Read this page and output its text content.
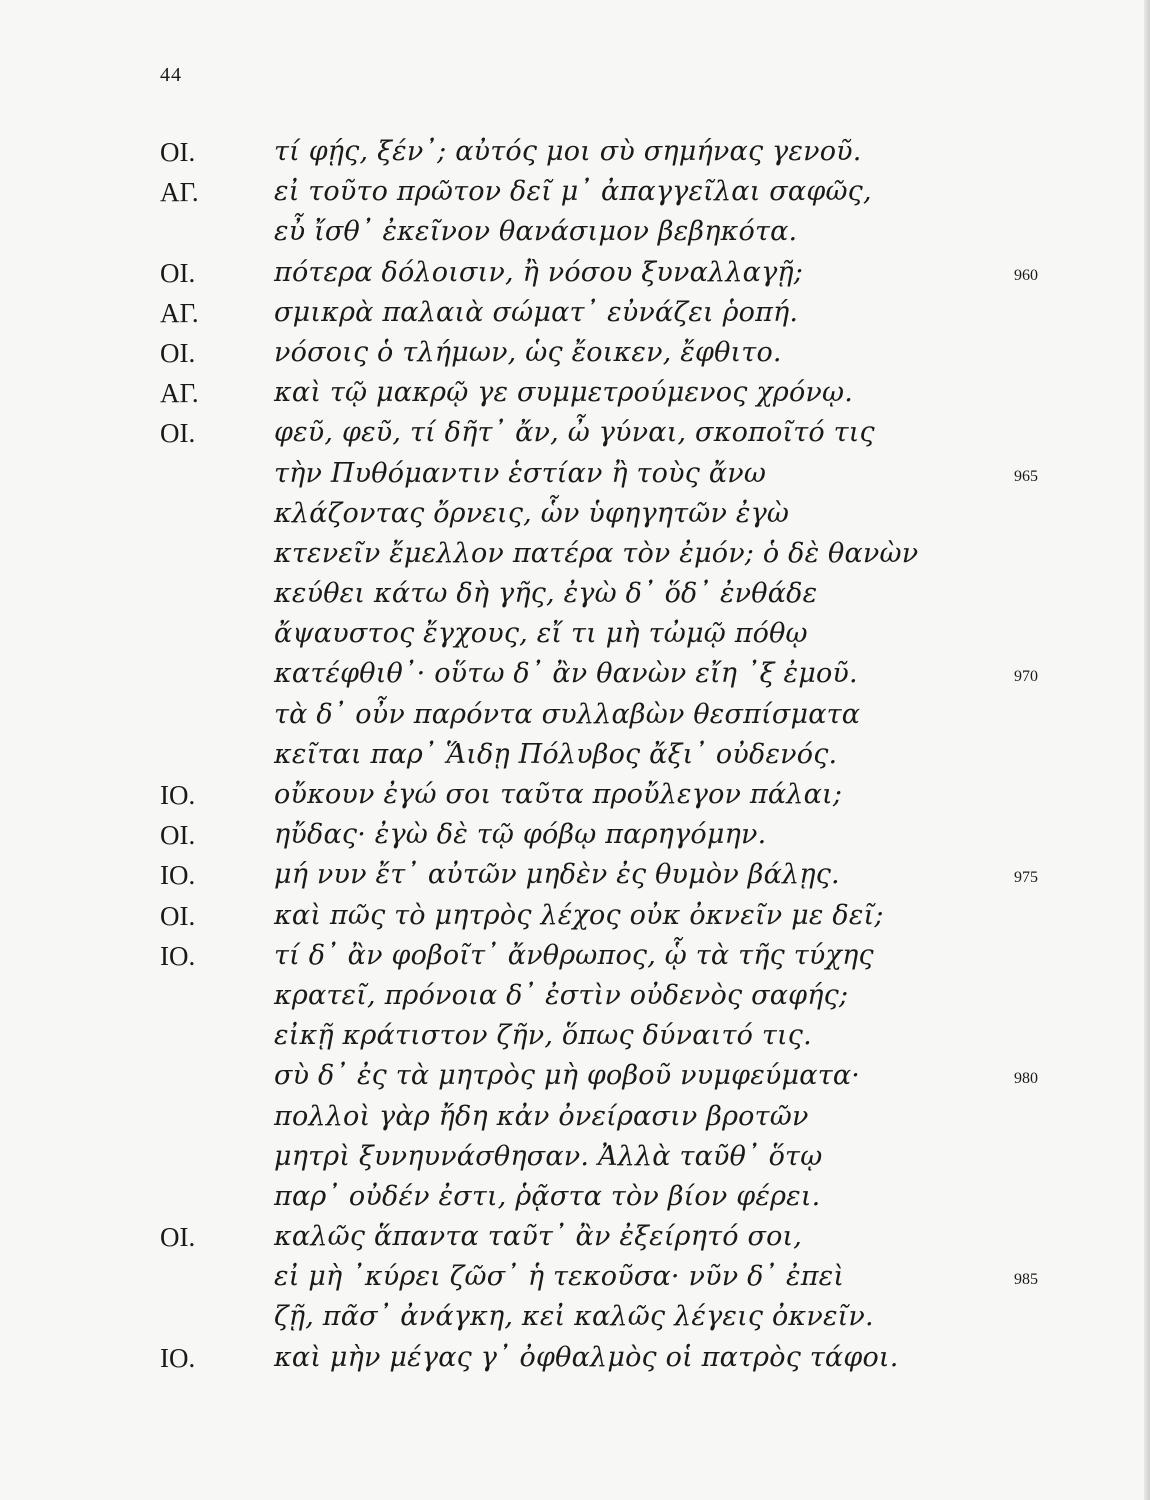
44
ΟΙ.	τί φῄς, ξέν᾽; αὐτός μοι σὺ σημήνας γενοῦ.
ΑΓ.	εἰ τοῦτο πρῶτον δεῖ μ᾽ ἀπαγγεῖλαι σαφῶς,
εὖ ἴσθ᾽ ἐκεῖνον θανάσιμον βεβηκότα.
ΟΙ.	πότερα δόλοισιν, ἢ νόσου ξυναλλαγῇ;	960
ΑΓ.	σμικρὰ παλαιὰ σώματ᾽ εὐνάζει ῥοπή.
ΟΙ.	νόσοις ὁ τλήμων, ὡς ἔοικεν, ἔφθιτο.
ΑΓ.	καὶ τῷ μακρῷ γε συμμετρούμενος χρόνῳ.
ΟΙ.	φεῦ, φεῦ, τί δῆτ᾽ ἄν, ὦ γύναι, σκοποῖτό τις
τὴν Πυθόμαντιν ἑστίαν ἢ τοὺς ἄνω	965
κλάζοντας ὄρνεις, ὧν ὑφηγητῶν ἐγὼ
κτενεῖν ἔμελλον πατέρα τὸν ἐμόν; ὁ δὲ θανὼν
κεύθει κάτω δὴ γῆς, ἐγὼ δ᾽ ὅδ᾽ ἐνθάδε
ἄψαυστος ἔγχους, εἴ τι μὴ τὠμῷ πόθῳ
κατέφθιθ᾽· οὕτω δ᾽ ἂν θανὼν εἴη ᾽ξ ἐμοῦ.	970
τὰ δ᾽ οὖν παρόντα συλλαβὼν θεσπίσματα
κεῖται παρ᾽ Ἅιδῃ Πόλυβος ἄξι᾽ οὐδενός.
ΙΟ.	οὔκουν ἐγώ σοι ταῦτα προὔλεγον πάλαι;
ΟΙ.	ηὔδας· ἐγὼ δὲ τῷ φόβῳ παρηγόμην.
ΙΟ.	μή νυν ἔτ᾽ αὐτῶν μηδὲν ἐς θυμὸν βάλῃς.	975
ΟΙ.	καὶ πῶς τὸ μητρὸς λέχος οὐκ ὀκνεῖν με δεῖ;
ΙΟ.	τί δ᾽ ἂν φοβοῖτ᾽ ἄνθρωπος, ᾧ τὰ τῆς τύχης
κρατεῖ, πρόνοια δ᾽ ἐστὶν οὐδενὸς σαφής;
εἰκῇ κράτιστον ζῆν, ὅπως δύναιτό τις.
σὺ δ᾽ ἐς τὰ μητρὸς μὴ φοβοῦ νυμφεύματα·	980
πολλοὶ γὰρ ἤδη κἀν ὀνείρασιν βροτῶν
μητρὶ ξυνηυνάσθησαν. Ἀλλὰ ταῦθ᾽ ὅτῳ
παρ᾽ οὐδέν ἐστι, ῥᾷστα τὸν βίον φέρει.
ΟΙ.	καλῶς ἅπαντα ταῦτ᾽ ἂν ἐξείρητό σοι,
εἰ μὴ ᾽κύρει ζῶσ᾽ ἡ τεκοῦσα· νῦν δ᾽ ἐπεὶ	985
ζῇ, πᾶσ᾽ ἀνάγκη, κεἰ καλῶς λέγεις ὀκνεῖν.
ΙΟ.	καὶ μὴν μέγας γ᾽ ὀφθαλμὸς οἱ πατρὸς τάφοι.
